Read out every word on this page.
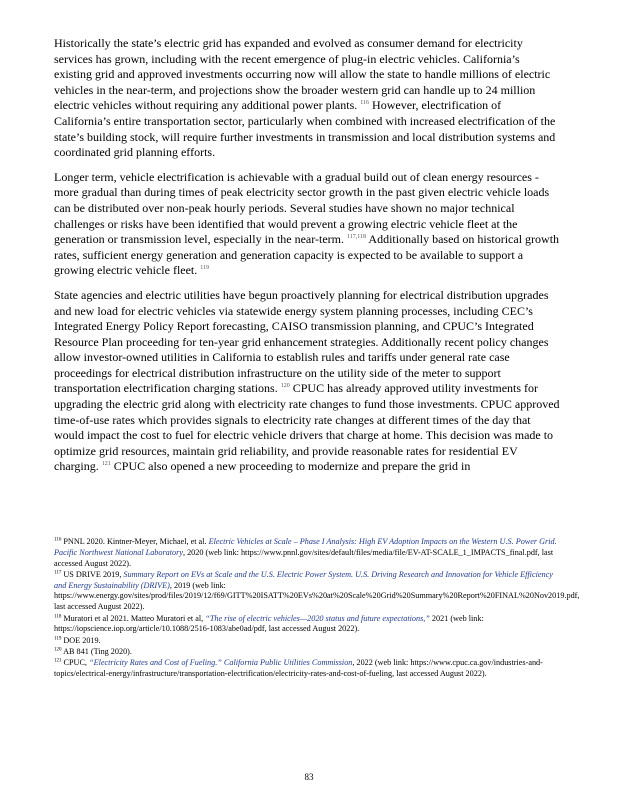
Historically the state’s electric grid has expanded and evolved as consumer demand for electricity services has grown, including with the recent emergence of plug-in electric vehicles. California’s existing grid and approved investments occurring now will allow the state to handle millions of electric vehicles in the near-term, and projections show the broader western grid can handle up to 24 million electric vehicles without requiring any additional power plants. $^{116}$ However, electrification of California’s entire transportation sector, particularly when combined with increased electrification of the state’s building stock, will require further investments in transmission and local distribution systems and coordinated grid planning efforts.

Longer term, vehicle electrification is achievable with a gradual build out of clean energy resources - more gradual than during times of peak electricity sector growth in the past given electric vehicle loads can be distributed over non-peak hourly periods. Several studies have shown no major technical challenges or risks have been identified that would prevent a growing electric vehicle fleet at the generation or transmission level, especially in the near-term. $^{117,118}$ Additionally based on historical growth rates, sufficient energy generation and generation capacity is expected to be available to support a growing electric vehicle fleet. $^{119}$

State agencies and electric utilities have begun proactively planning for electrical distribution upgrades and new load for electric vehicles via statewide energy system planning processes, including CEC’s Integrated Energy Policy Report forecasting, CAISO transmission planning, and CPUC’s Integrated Resource Plan proceeding for ten-year grid enhancement strategies. Additionally recent policy changes allow investor-owned utilities in California to establish rules and tariffs under general rate case proceedings for electrical distribution infrastructure on the utility side of the meter to support transportation electrification charging stations. $^{120}$ CPUC has already approved utility investments for upgrading the electric grid along with electricity rate changes to fund those investments. CPUC approved time-of-use rates which provides signals to electricity rate changes at different times of the day that would impact the cost to fuel for electric vehicle drivers that charge at home. This decision was made to optimize grid resources, maintain grid reliability, and provide reasonable rates for residential EV charging. $^{121}$ CPUC also opened a new proceeding to modernize and prepare the grid in

$^{116}$ PNNL 2020. Kintner-Meyer, Michael, et al. Electric Vehicles at Scale – Phase I Analysis: High EV Adoption Impacts on the Western U.S. Power Grid. Pacific Northwest National Laboratory, 2020 (web link: https://www.pnnl.gov/sites/default/files/media/file/EV-AT-SCALE_1_IMPACTS_final.pdf, last accessed August 2022).
$^{117}$ US DRIVE 2019, Summary Report on EVs at Scale and the U.S. Electric Power System. U.S. Driving Research and Innovation for Vehicle Efficiency and Energy Sustainability (DRIVE), 2019 (web link: https://www.energy.gov/sites/prod/files/2019/12/f69/GITT%20ISATT%20EVs%20at%20Scale%20Grid%20Summary%20Report%20FINAL%20Nov2019.pdf, last accessed August 2022).
$^{118}$ Muratori et al 2021. Matteo Muratori et al, “The rise of electric vehicles—2020 status and future expectations,” 2021 (web link: https://iopscience.iop.org/article/10.1088/2516-1083/abe0ad/pdf, last accessed August 2022).
$^{119}$ DOE 2019.
$^{120}$ AB 841 (Ting 2020).
$^{121}$ CPUC, “Electricity Rates and Cost of Fueling.” California Public Utilities Commission, 2022 (web link: https://www.cpuc.ca.gov/industries-and-topics/electrical-energy/infrastructure/transportation-electrification/electricity-rates-and-cost-of-fueling, last accessed August 2022).
83
